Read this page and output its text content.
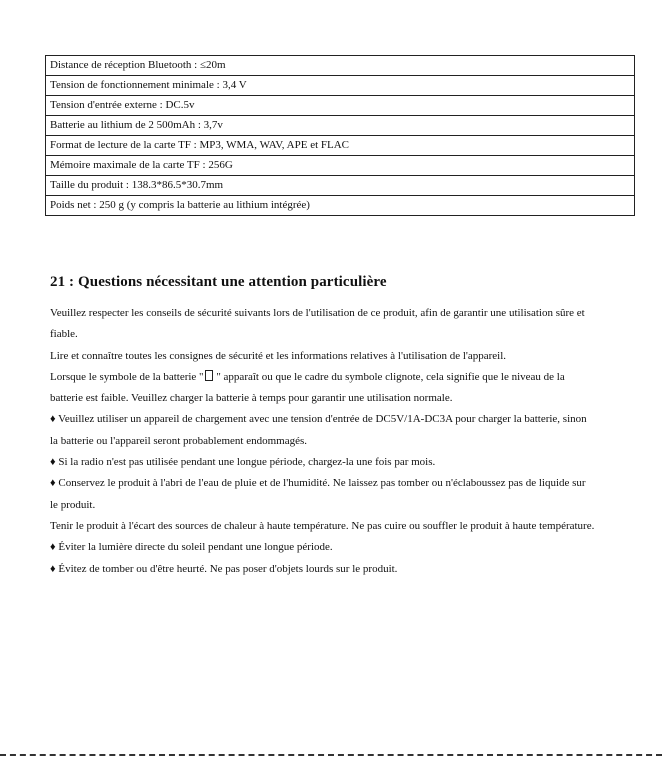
Distance de réception Bluetooth : ≤20m
Tension de fonctionnement minimale : 3,4 V
Tension d'entrée externe : DC.5v
Batterie au lithium de 2 500mAh : 3,7v
Format de lecture de la carte TF : MP3, WMA, WAV, APE et FLAC
Mémoire maximale de la carte TF : 256G
Taille du produit : 138.3*86.5*30.7mm
Poids net : 250 g (y compris la batterie au lithium intégrée)
21 : Questions nécessitant une attention particulière
Veuillez respecter les conseils de sécurité suivants lors de l'utilisation de ce produit, afin de garantir une utilisation sûre et
fiable.
Lire et connaître toutes les consignes de sécurité et les informations relatives à l'utilisation de l'appareil.
Lorsque le symbole de la batterie " " apparaît ou que le cadre du symbole clignote, cela signifie que le niveau de la
batterie est faible. Veuillez charger la batterie à temps pour garantir une utilisation normale.
♦ Veuillez utiliser un appareil de chargement avec une tension d'entrée de DC5V/1A-DC3A pour charger la batterie, sinon
la batterie ou l'appareil seront probablement endommagés.
♦ Si la radio n'est pas utilisée pendant une longue période, chargez-la une fois par mois.
♦ Conservez le produit à l'abri de l'eau de pluie et de l'humidité. Ne laissez pas tomber ou n'éclaboussez pas de liquide sur
le produit.
Tenir le produit à l'écart des sources de chaleur à haute température. Ne pas cuire ou souffler le produit à haute température.
♦ Éviter la lumière directe du soleil pendant une longue période.
♦ Évitez de tomber ou d'être heurté. Ne pas poser d'objets lourds sur le produit.
